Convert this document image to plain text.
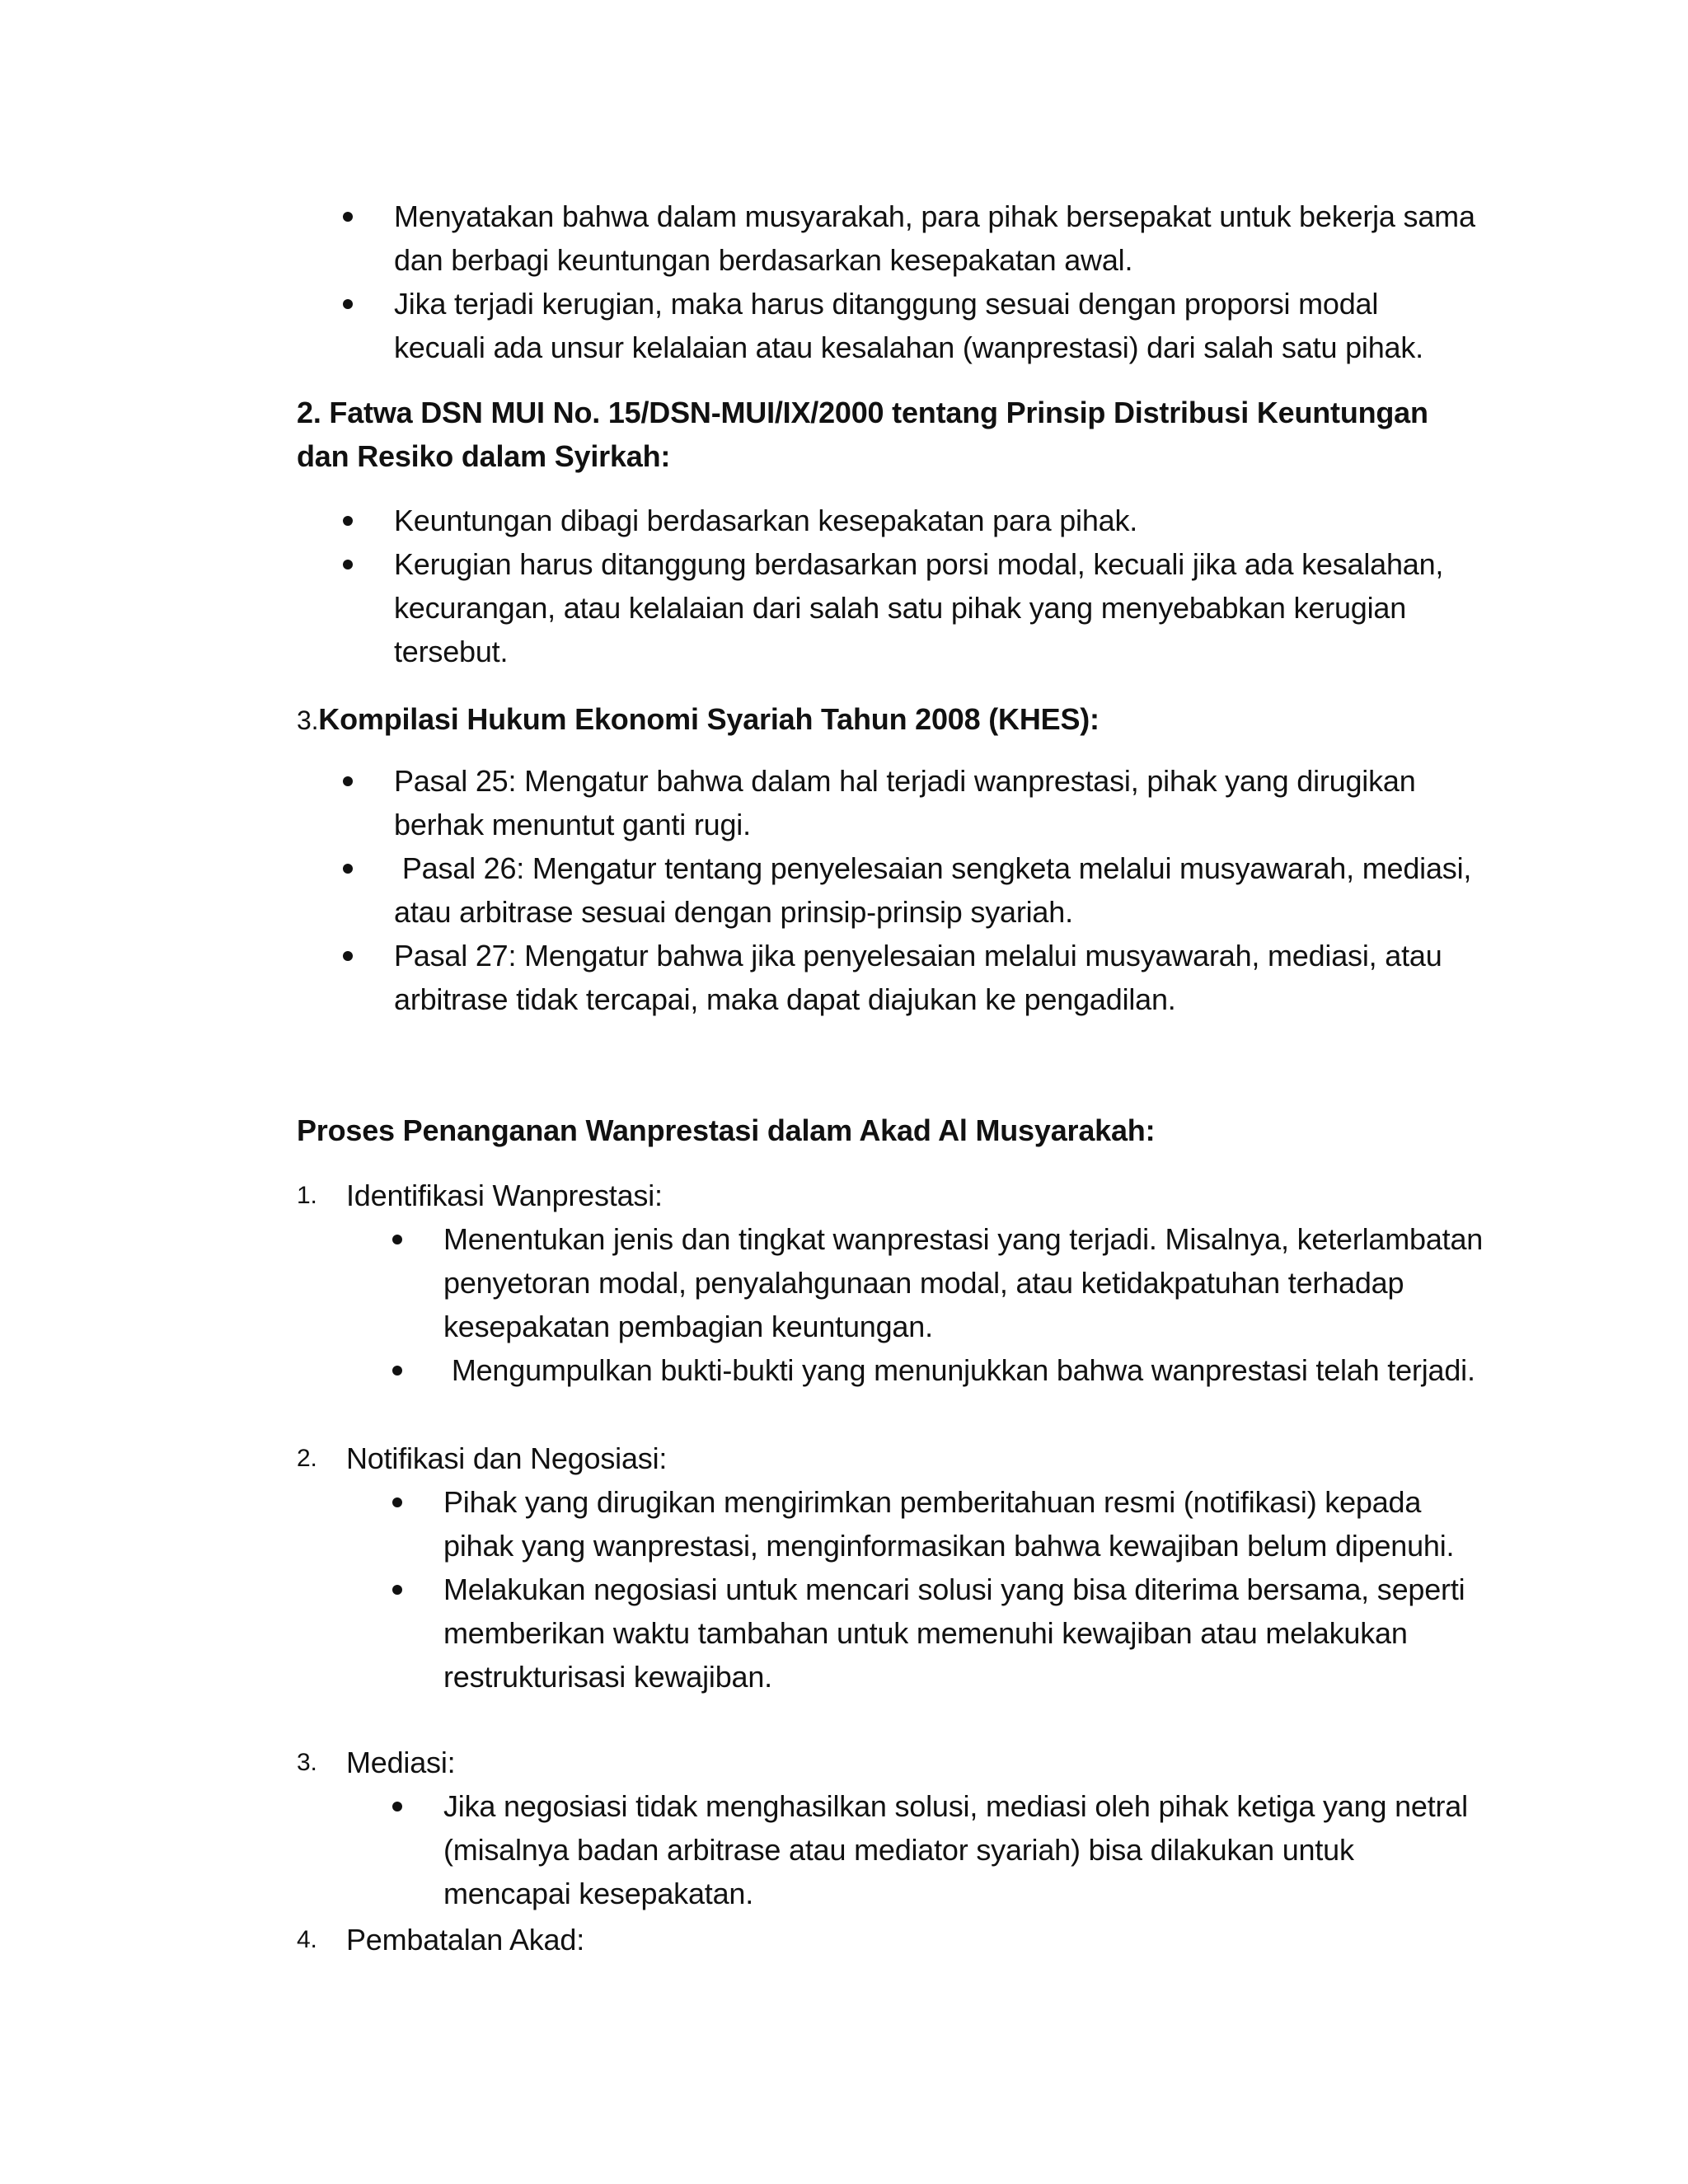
Menyatakan bahwa dalam musyarakah, para pihak bersepakat untuk bekerja sama dan berbagi keuntungan berdasarkan kesepakatan awal.
Jika terjadi kerugian, maka harus ditanggung sesuai dengan proporsi modal kecuali ada unsur kelalaian atau kesalahan (wanprestasi) dari salah satu pihak.
2. Fatwa DSN MUI No. 15/DSN-MUI/IX/2000 tentang Prinsip Distribusi Keuntungan dan Resiko dalam Syirkah:
Keuntungan dibagi berdasarkan kesepakatan para pihak.
Kerugian harus ditanggung berdasarkan porsi modal, kecuali jika ada kesalahan, kecurangan, atau kelalaian dari salah satu pihak yang menyebabkan kerugian tersebut.
3.Kompilasi Hukum Ekonomi Syariah Tahun 2008 (KHES):
Pasal 25: Mengatur bahwa dalam hal terjadi wanprestasi, pihak yang dirugikan berhak menuntut ganti rugi.
Pasal 26: Mengatur tentang penyelesaian sengketa melalui musyawarah, mediasi, atau arbitrase sesuai dengan prinsip-prinsip syariah.
Pasal 27: Mengatur bahwa jika penyelesaian melalui musyawarah, mediasi, atau arbitrase tidak tercapai, maka dapat diajukan ke pengadilan.
Proses Penanganan Wanprestasi dalam Akad Al Musyarakah:
1. Identifikasi Wanprestasi:
Menentukan jenis dan tingkat wanprestasi yang terjadi. Misalnya, keterlambatan penyetoran modal, penyalahgunaan modal, atau ketidakpatuhan terhadap kesepakatan pembagian keuntungan.
Mengumpulkan bukti-bukti yang menunjukkan bahwa wanprestasi telah terjadi.
2. Notifikasi dan Negosiasi:
Pihak yang dirugikan mengirimkan pemberitahuan resmi (notifikasi) kepada pihak yang wanprestasi, menginformasikan bahwa kewajiban belum dipenuhi.
Melakukan negosiasi untuk mencari solusi yang bisa diterima bersama, seperti memberikan waktu tambahan untuk memenuhi kewajiban atau melakukan restrukturisasi kewajiban.
3. Mediasi:
Jika negosiasi tidak menghasilkan solusi, mediasi oleh pihak ketiga yang netral (misalnya badan arbitrase atau mediator syariah) bisa dilakukan untuk mencapai kesepakatan.
4. Pembatalan Akad:
